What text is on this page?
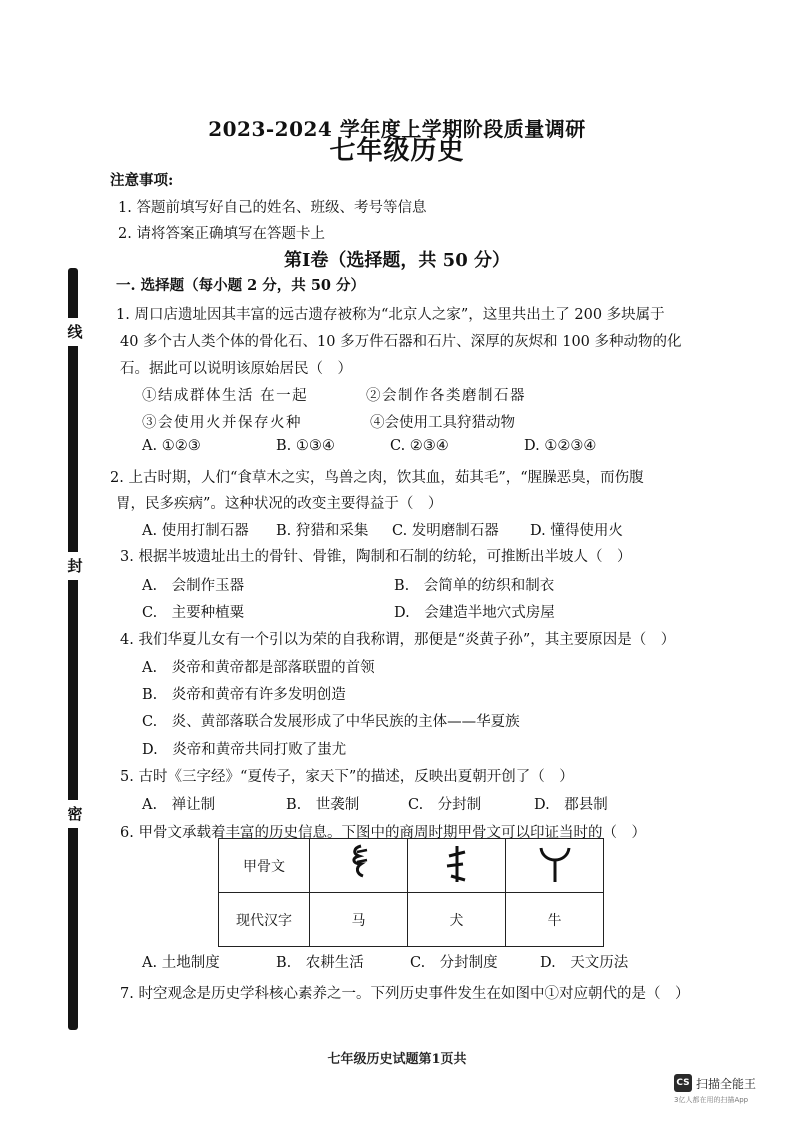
线
封
密
2023-2024 学年度上学期阶段质量调研
七年级历史
注意事项:
1. 答题前填写好自己的姓名、班级、考号等信息
2. 请将答案正确填写在答题卡上
第Ⅰ卷（选择题，共 50 分）
一. 选择题（每小题 2 分，共 50 分）
1. 周口店遗址因其丰富的远古遗存被称为“北京人之家”，这里共出土了 200 多块属于
40 多个古人类个体的骨化石、10 多万件石器和石片、深厚的灰烬和 100 多种动物的化
石。据此可以说明该原始居民（　）
①结成群体生活 在一起	②会制作各类磨制石器
③会使用火并保存火种	④会使用工具狩猎动物
A. ①②③	B. ①③④	C. ②③④	D. ①②③④
2. 上古时期，人们“食草木之实，鸟兽之肉，饮其血，茹其毛”，“腥臊恶臭，而伤腹
胃，民多疾病”。这种状况的改变主要得益于（　）
A. 使用打制石器 B. 狩猎和采集 C. 发明磨制石器 D. 懂得使用火
3. 根据半坡遗址出土的骨针、骨锥，陶制和石制的纺轮，可推断出半坡人（　）
A.　会制作玉器	B.　会简单的纺织和制衣
C.　主要种植粟	D.　会建造半地穴式房屋
4. 我们华夏儿女有一个引以为荣的自我称谓，那便是“炎黄子孙”，其主要原因是（　）
A.　炎帝和黄帝都是部落联盟的首领
B.　炎帝和黄帝有许多发明创造
C.　炎、黄部落联合发展形成了中华民族的主体——华夏族
D.　炎帝和黄帝共同打败了蚩尤
5. 古时《三字经》“夏传子，家天下”的描述，反映出夏朝开创了（　）
A.　禅让制	B.　世袭制	C.　分封制	D.　郡县制
6. 甲骨文承载着丰富的历史信息。下图中的商周时期甲骨文可以印证当时的（　）
甲骨文			
现代汉字	马	犬	牛
A. 土地制度	B.　农耕生活	C.　分封制度	D.　天文历法
7. 时空观念是历史学科核心素养之一。下列历史事件发生在如图中①对应朝代的是（　）
七年级历史试题第1页共
CS 扫描全能王
3亿人都在用的扫描App
